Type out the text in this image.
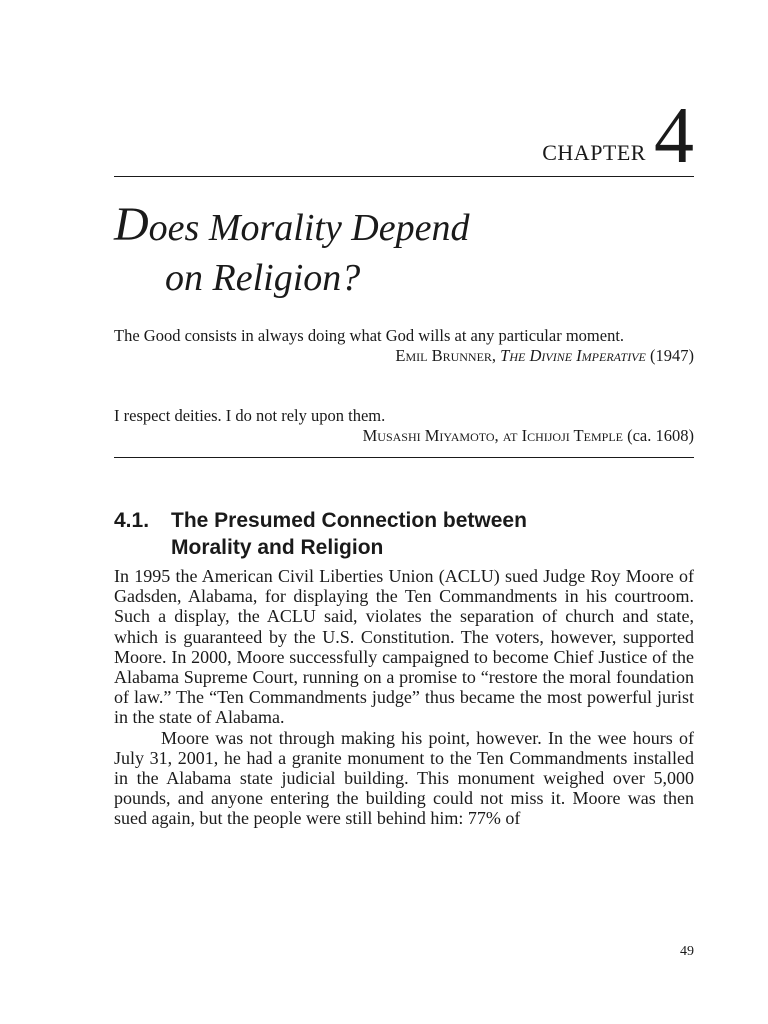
CHAPTER 4
Does Morality Depend
on Religion?
The Good consists in always doing what God wills at any particular moment.
Emil Brunner, The Divine Imperative (1947)
I respect deities. I do not rely upon them.
Musashi Miyamoto, at Ichijoji Temple (ca. 1608)
4.1.	The Presumed Connection between
Morality and Religion

In 1995 the American Civil Liberties Union (ACLU) sued Judge Roy Moore of Gadsden, Alabama, for displaying the Ten Commandments in his courtroom. Such a display, the ACLU said, violates the separation of church and state, which is guaranteed by the U.S. Constitution. The voters, however, supported Moore. In 2000, Moore successfully campaigned to become Chief Justice of the Alabama Supreme Court, running on a promise to “restore the moral foundation of law.” The “Ten Commandments judge” thus became the most powerful jurist in the state of Alabama.

Moore was not through making his point, however. In the wee hours of July 31, 2001, he had a granite monument to the Ten Commandments installed in the Alabama state judicial building. This monument weighed over 5,000 pounds, and anyone entering the building could not miss it. Moore was then sued again, but the people were still behind him: 77% of

49
